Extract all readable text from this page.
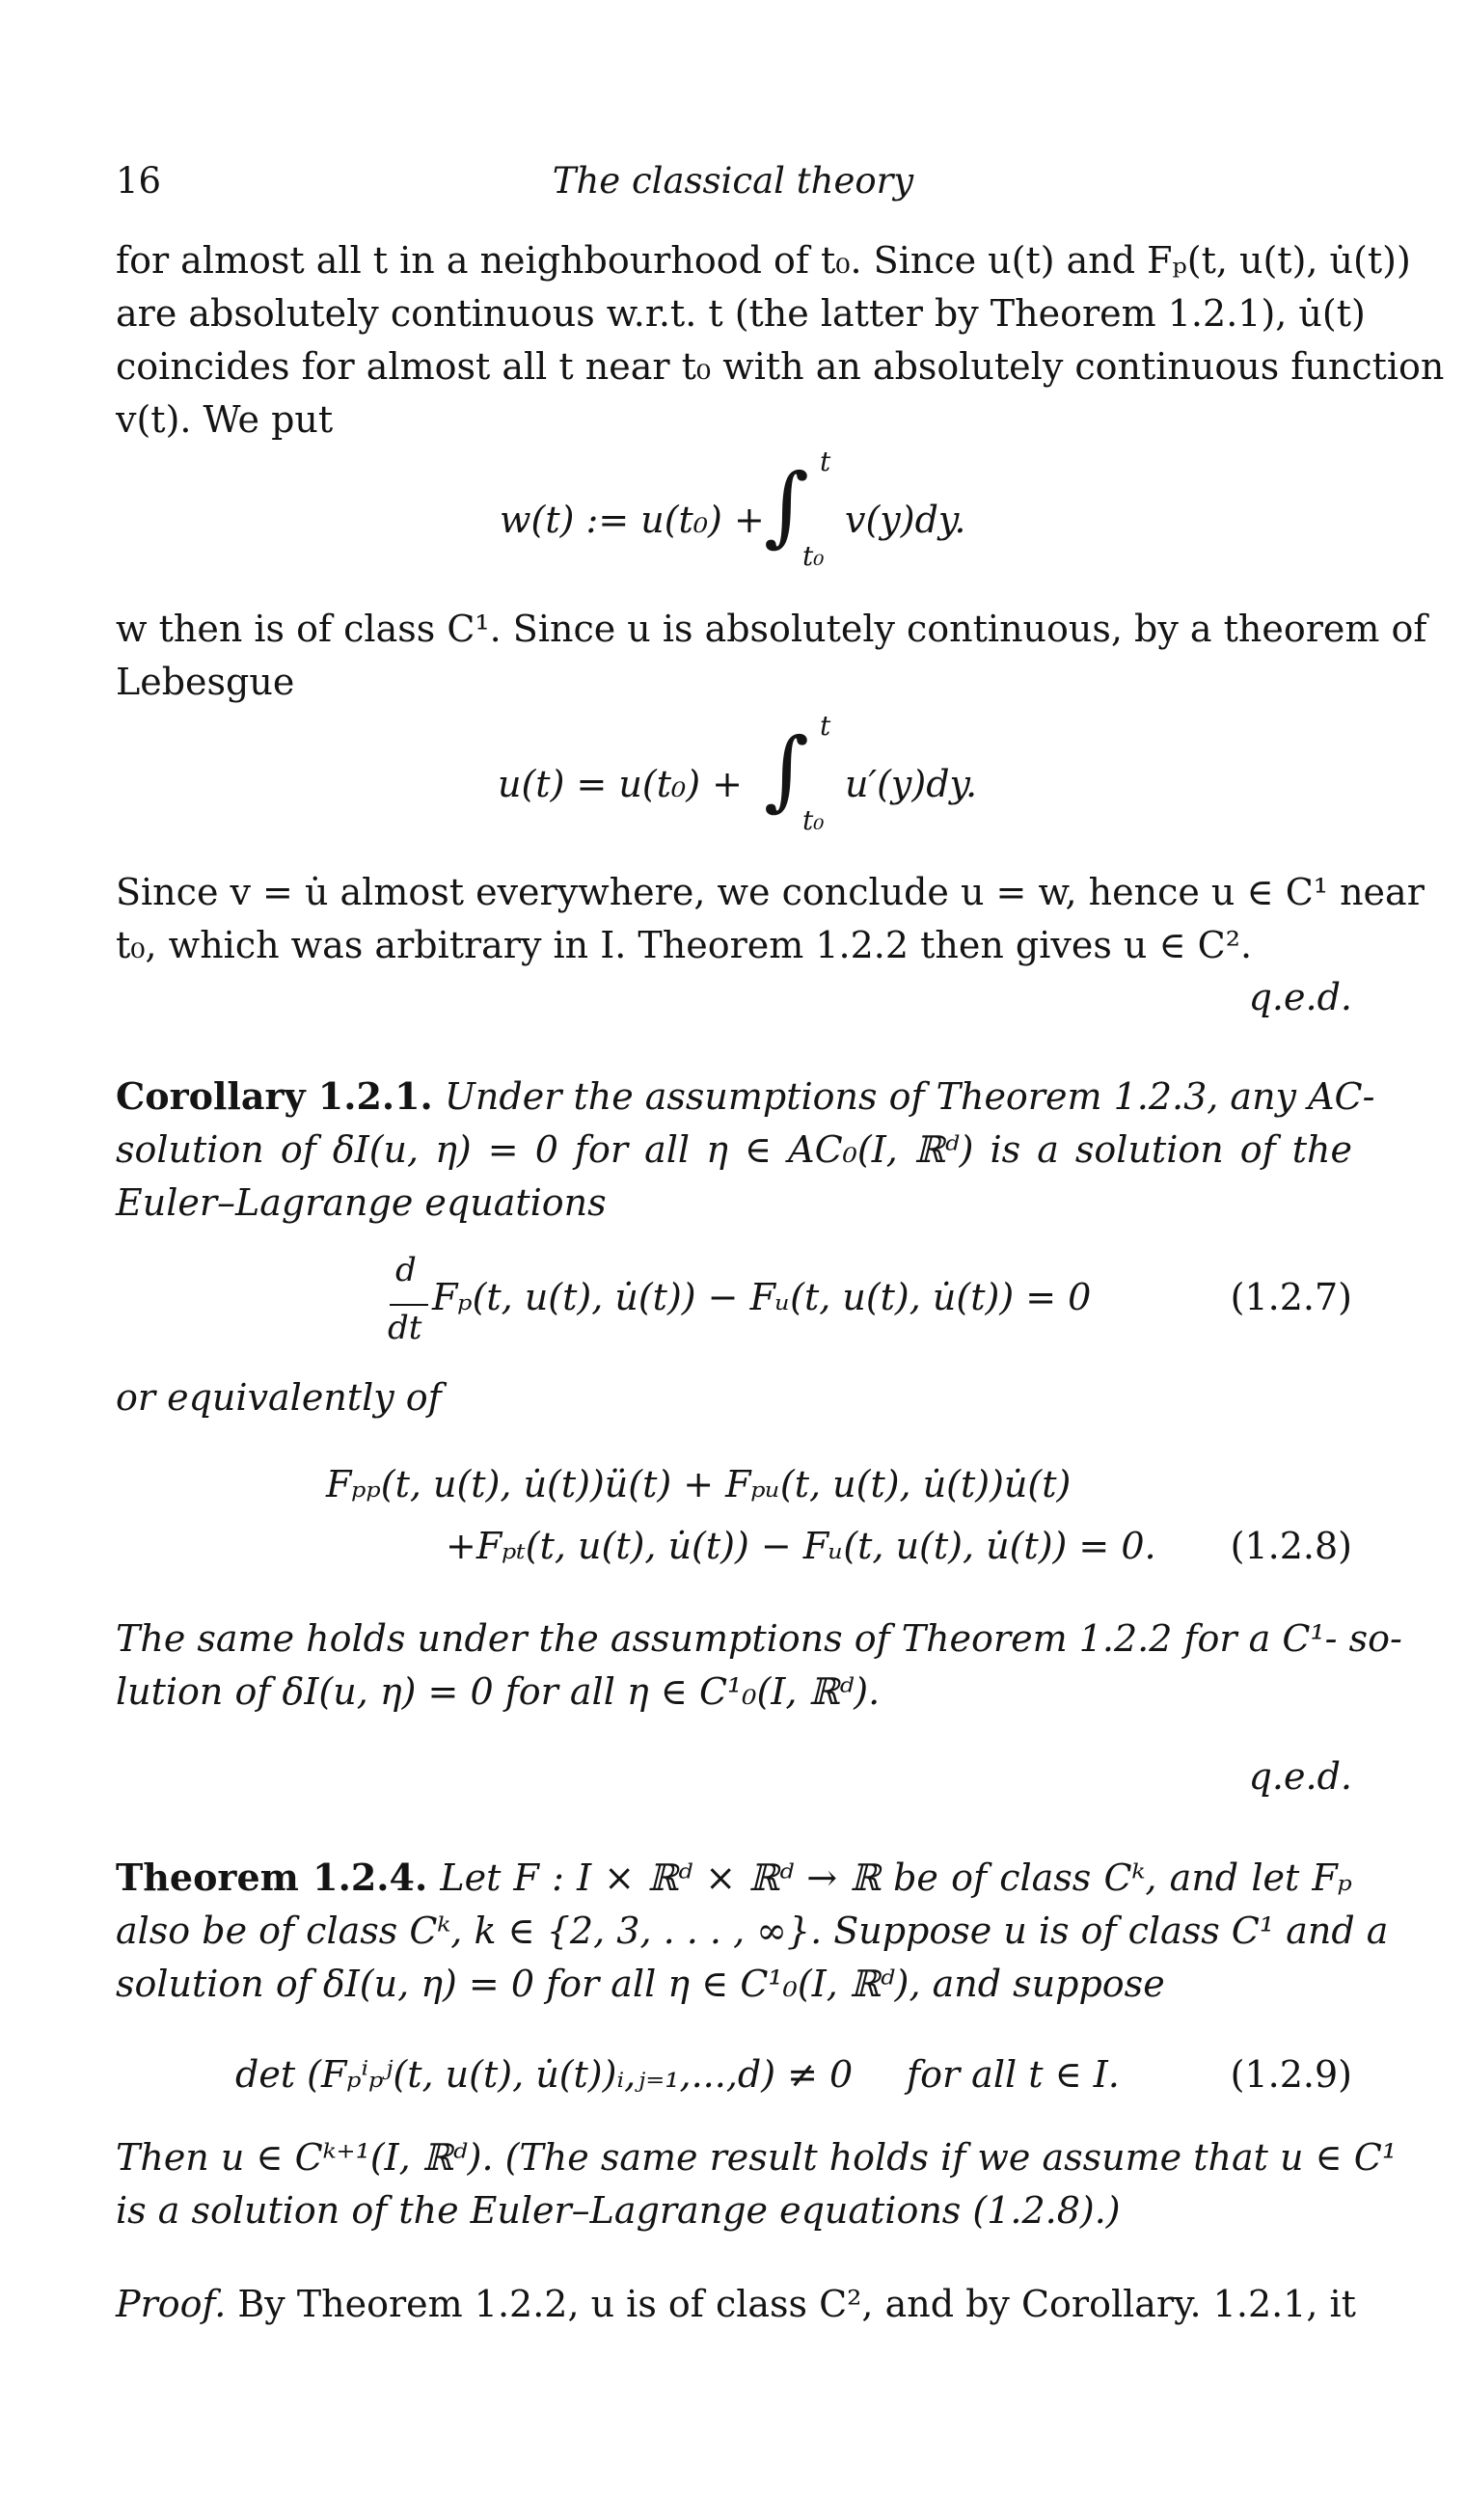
16	The classical theory
for almost all t in a neighbourhood of t₀. Since u(t) and Fₚ(t, u(t), u̇(t))
are absolutely continuous w.r.t. t (the latter by Theorem 1.2.1), u̇(t)
coincides for almost all t near t₀ with an absolutely continuous function
v(t). We put
w(t) := u(t₀) + ∫ t
t₀
v(y)dy.
w then is of class C¹. Since u is absolutely continuous, by a theorem of
Lebesgue
u(t) = u(t₀) + ∫ t
t₀
u′(y)dy.
Since v = u̇ almost everywhere, we conclude u = w, hence u ∈ C¹ near
t₀, which was arbitrary in I. Theorem 1.2.2 then gives u ∈ C².
q.e.d.
Corollary 1.2.1. Under the assumptions of Theorem 1.2.3, any AC-
solution of δI(u, η) = 0 for all η ∈ AC₀(I, ℝᵈ) is a solution of the
Euler–Lagrange equations
d
dt
Fₚ(t, u(t), u̇(t)) − Fᵤ(t, u(t), u̇(t)) = 0	(1.2.7)
or equivalently of
Fₚₚ(t, u(t), u̇(t))ü(t) + Fₚᵤ(t, u(t), u̇(t))u̇(t)
+Fₚₜ(t, u(t), u̇(t)) − Fᵤ(t, u(t), u̇(t)) = 0. (1.2.8)
The same holds under the assumptions of Theorem 1.2.2 for a C¹- so-
lution of δI(u, η) = 0 for all η ∈ C¹₀(I, ℝᵈ).
q.e.d.
Theorem 1.2.4. Let F : I × ℝᵈ × ℝᵈ → ℝ be of class Cᵏ, and let Fₚ
also be of class Cᵏ, k ∈ {2, 3, . . . , ∞}. Suppose u is of class C¹ and a
solution of δI(u, η) = 0 for all η ∈ C¹₀(I, ℝᵈ), and suppose
det (Fₚⁱₚʲ(t, u(t), u̇(t))ᵢ,ⱼ₌₁,...,d) ≠ 0 for all t ∈ I.	(1.2.9)
Then u ∈ Cᵏ⁺¹(I, ℝᵈ). (The same result holds if we assume that u ∈ C¹
is a solution of the Euler–Lagrange equations (1.2.8).)
Proof. By Theorem 1.2.2, u is of class C², and by Corollary. 1.2.1, it
